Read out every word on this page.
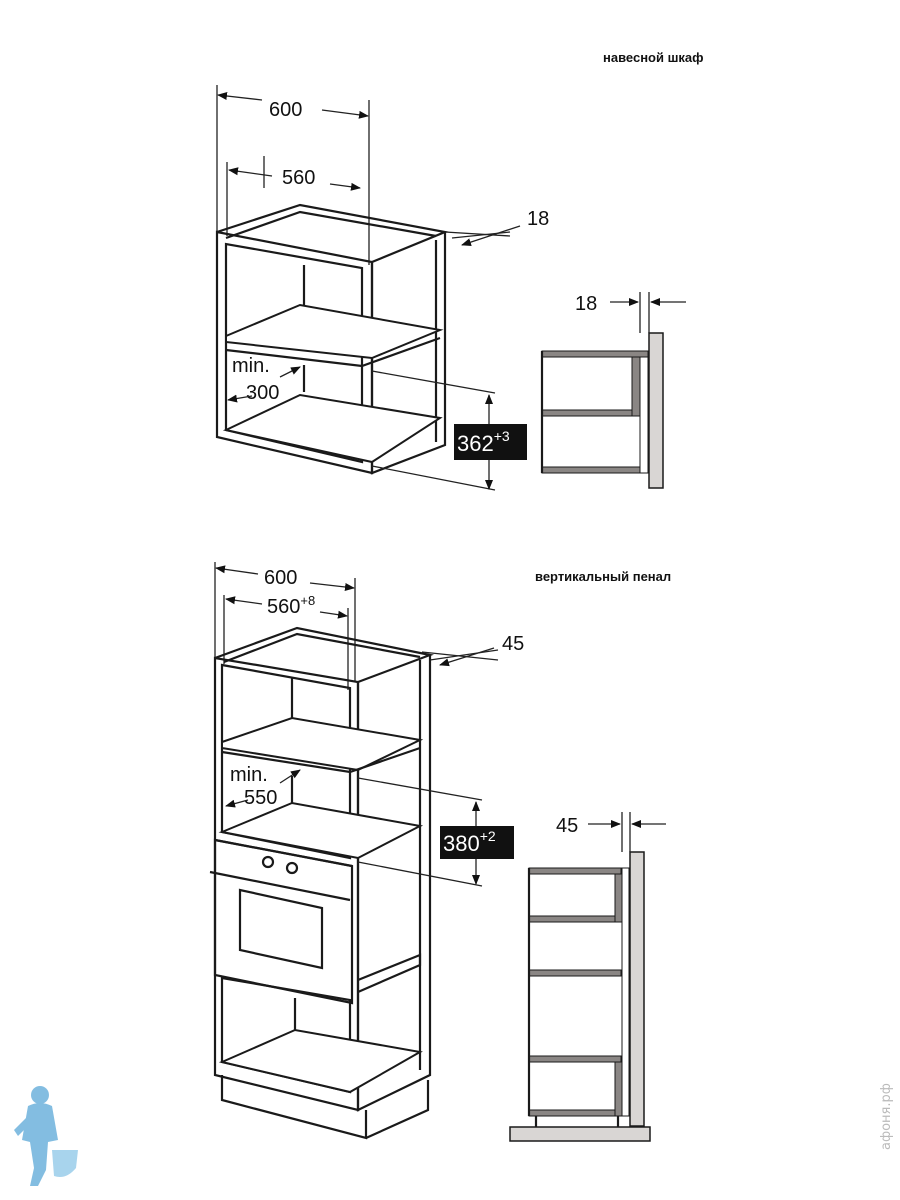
навесной шкаф
600
560
18
min.
300
362+3
18
вертикальный пенал
600
$560^{+8}$
45
min.
550
380+2	45
афоня.рф
